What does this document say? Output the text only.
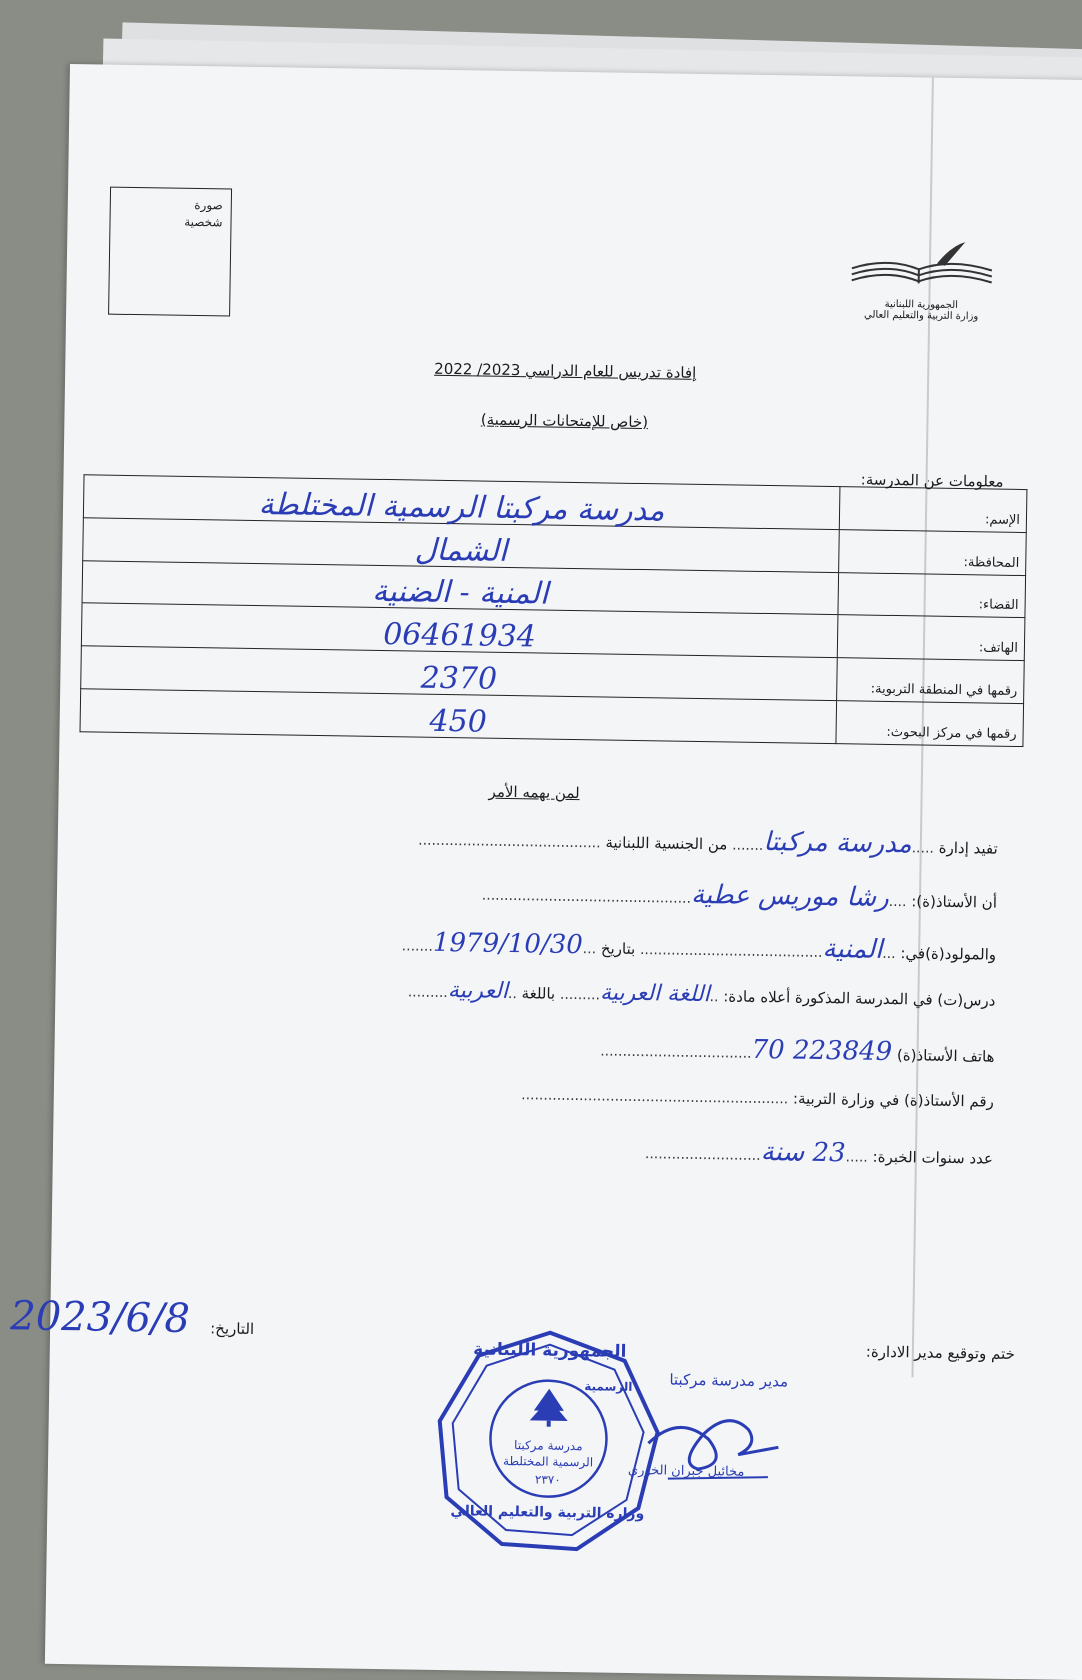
صورة
شخصية
الجمهورية اللبنانية
وزارة التربية والتعليم العالي
إفادة تدريس للعام الدراسي 2023/ 2022
(خاص للإمتحانات الرسمية)
معلومات عن المدرسة:
مدرسة مركبتا الرسمية المختلطة	الإسم:
الشمال	المحافظة:
المنية - الضنية	القضاء:
06461934	الهاتف:
2370	رقمها في المنطقة التربوية:
450	رقمها في مركز البحوث:
لمن يهمه الأمر
تفيد إدارة .....مدرسة مركبتا....... من الجنسية اللبنانية .........................................
أن الأستاذ(ة): ....رشا موريس عطية...............................................
والمولود(ة)في: ...المنية......................................... بتاريخ ...1979/10/30.......
درس(ت) في المدرسة المذكورة أعلاه مادة: ..اللغة العربية......... باللغة ..العربية.........
هاتف الأستاذ(ة) 70 223849..................................
رقم الأستاذ(ة) في وزارة التربية: ............................................................
عدد سنوات الخبرة: .....23 سنة..........................
التاريخ:
2023/6/8
ختم وتوقيع مدير الادارة:
الجمهورية اللبنانية
وزارة التربية والتعليم العالي
الرسمية
مدرسة مركبتا
الرسمية المختلطة
٢٣٧٠
مدير مدرسة مركبتا
مخائيل جبران الخوري
